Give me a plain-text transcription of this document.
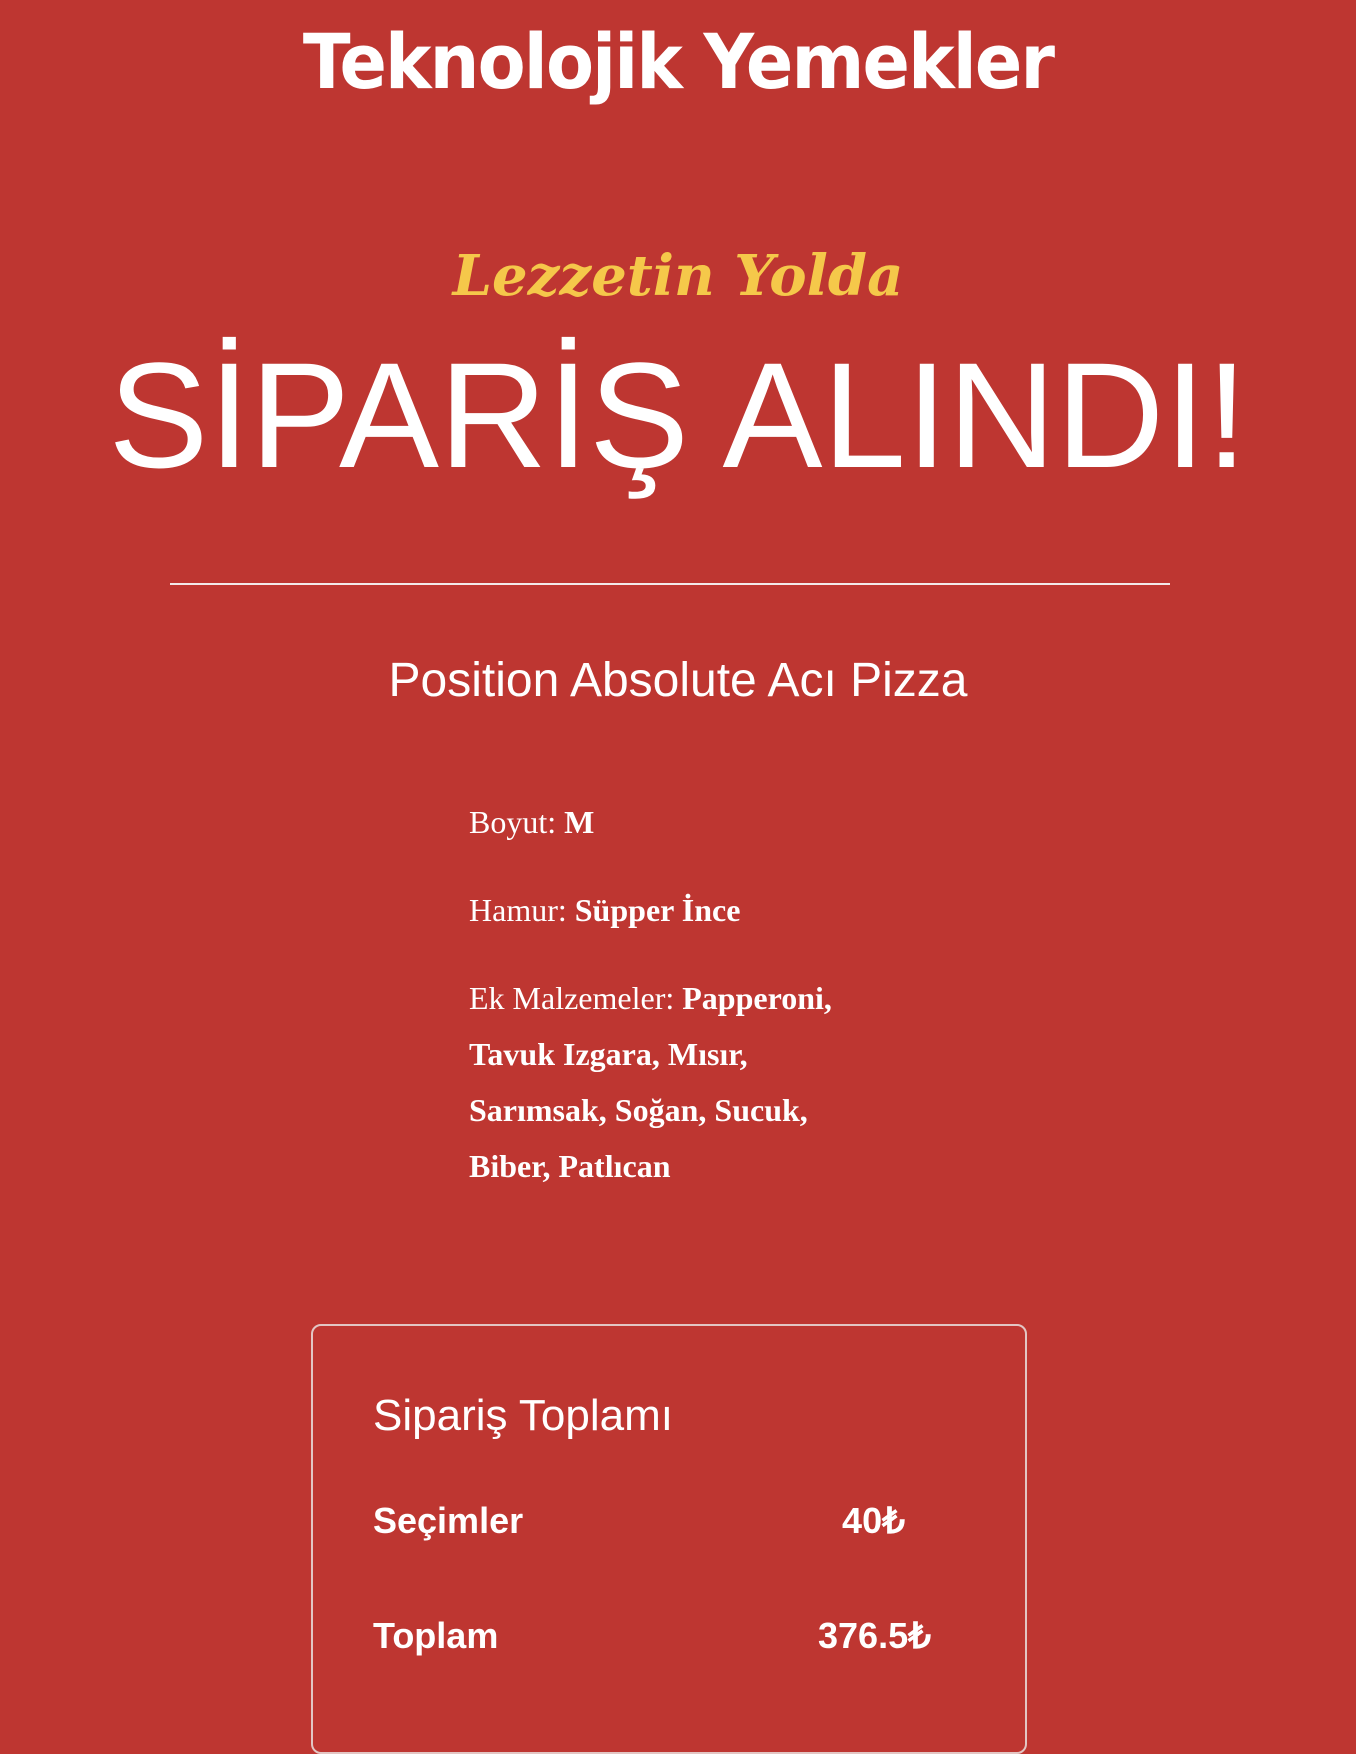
Teknolojik Yemekler
Lezzetin Yolda
SİPARİŞ ALINDI!
Position Absolute Acı Pizza
Boyut: M
Hamur: Süpper İnce
Ek Malzemeler: Papperoni, Tavuk Izgara, Mısır, Sarımsak, Soğan, Sucuk, Biber, Patlıcan
Sipariş Toplamı
Seçimler	40₺
Toplam	376.5₺
